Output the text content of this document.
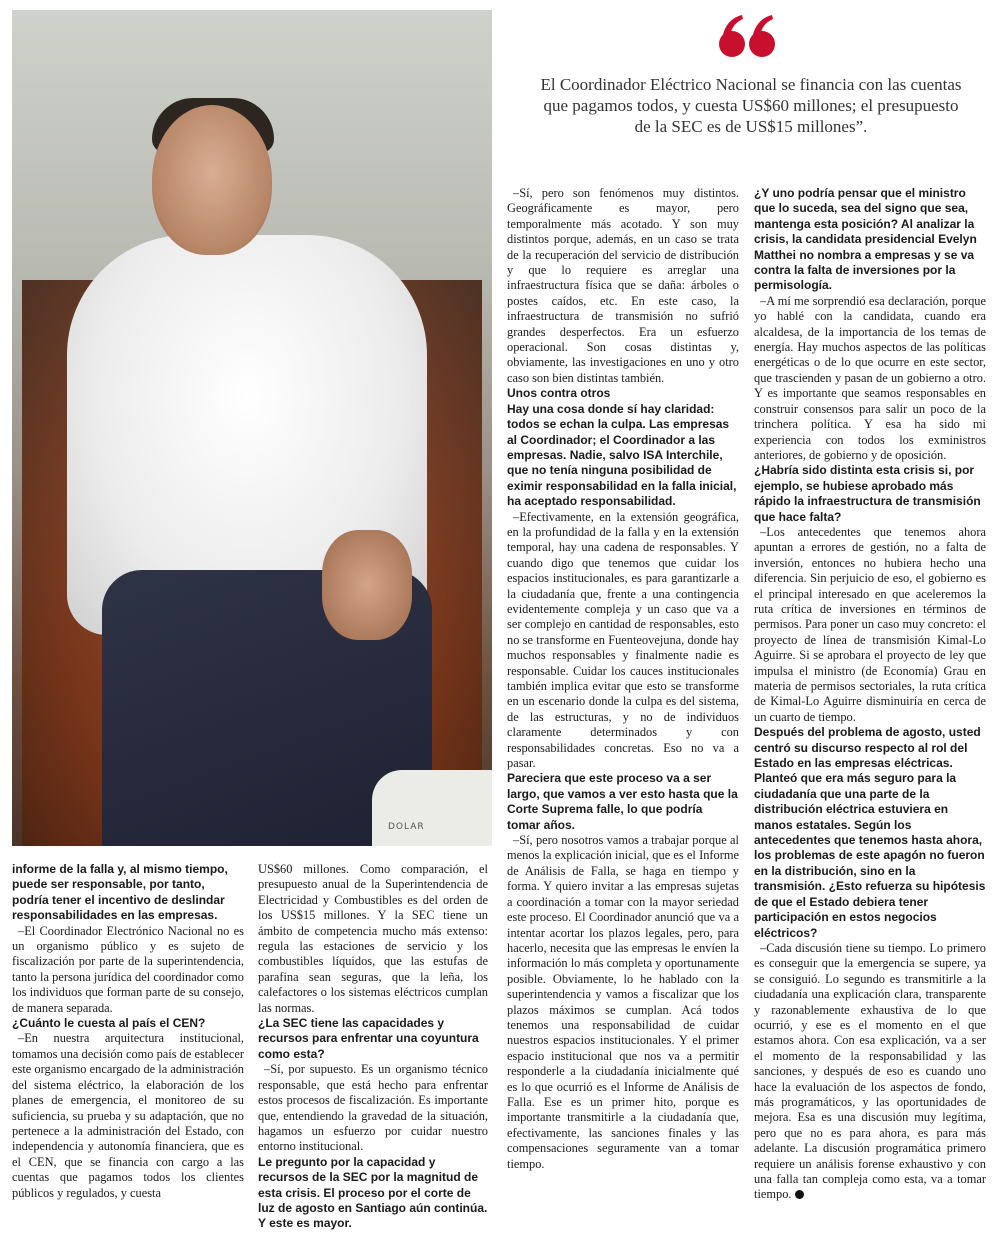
DOLAR
El Coordinador Eléctrico Nacional se financia con las cuentas que pagamos todos, y cuesta US$60 millones; el presupuesto de la SEC es de US$15 millones”.

informe de la falla y, al mismo tiempo, puede ser responsable, por tanto, podría tener el incentivo de deslindar responsabilidades en las empresas.

–El Coordinador Electrónico Nacional no es un organismo público y es sujeto de fiscalización por parte de la superintendencia, tanto la persona jurídica del coordinador como los individuos que forman parte de su consejo, de manera separada.

¿Cuánto le cuesta al país el CEN?

–En nuestra arquitectura institucional, tomamos una decisión como país de establecer este organismo encargado de la administración del sistema eléctrico, la elaboración de los planes de emergencia, el monitoreo de su suficiencia, su prueba y su adaptación, que no pertenece a la administración del Estado, con independencia y autonomía financiera, que es el CEN, que se financia con cargo a las cuentas que pagamos todos los clientes públicos y regulados, y cuesta

US$60 millones. Como comparación, el presupuesto anual de la Superintendencia de Electricidad y Combustibles es del orden de los US$15 millones. Y la SEC tiene un ámbito de competencia mucho más extenso: regula las estaciones de servicio y los combustibles líquidos, que las estufas de parafina sean seguras, que la leña, los calefactores o los sistemas eléctricos cumplan las normas.

¿La SEC tiene las capacidades y recursos para enfrentar una coyuntura como esta?

–Sí, por supuesto. Es un organismo técnico responsable, que está hecho para enfrentar estos procesos de fiscalización. Es importante que, entendiendo la gravedad de la situación, hagamos un esfuerzo por cuidar nuestro entorno institucional.

Le pregunto por la capacidad y recursos de la SEC por la magnitud de esta crisis. El proceso por el corte de luz de agosto en Santiago aún continúa. Y este es mayor.

–Sí, pero son fenómenos muy distintos. Geográficamente es mayor, pero temporalmente más acotado. Y son muy distintos porque, además, en un caso se trata de la recuperación del servicio de distribución y que lo requiere es arreglar una infraestructura física que se daña: árboles o postes caídos, etc. En este caso, la infraestructura de transmisión no sufrió grandes desperfectos. Era un esfuerzo operacional. Son cosas distintas y, obviamente, las investigaciones en uno y otro caso son bien distintas también.

Unos contra otros

Hay una cosa donde sí hay claridad: todos se echan la culpa. Las empresas al Coordinador; el Coordinador a las empresas. Nadie, salvo ISA Interchile, que no tenía ninguna posibilidad de eximir responsabilidad en la falla inicial, ha aceptado responsabilidad.

–Efectivamente, en la extensión geográfica, en la profundidad de la falla y en la extensión temporal, hay una cadena de responsables. Y cuando digo que tenemos que cuidar los espacios institucionales, es para garantizarle a la ciudadanía que, frente a una contingencia evidentemente compleja y un caso que va a ser complejo en cantidad de responsables, esto no se transforme en Fuenteovejuna, donde hay muchos responsables y finalmente nadie es responsable. Cuidar los cauces institucionales también implica evitar que esto se transforme en un escenario donde la culpa es del sistema, de las estructuras, y no de individuos claramente determinados y con responsabilidades concretas. Eso no va a pasar.

Pareciera que este proceso va a ser largo, que vamos a ver esto hasta que la Corte Suprema falle, lo que podría tomar años.

–Sí, pero nosotros vamos a trabajar porque al menos la explicación inicial, que es el Informe de Análisis de Falla, se haga en tiempo y forma. Y quiero invitar a las empresas sujetas a coordinación a tomar con la mayor seriedad este proceso. El Coordinador anunció que va a intentar acortar los plazos legales, pero, para hacerlo, necesita que las empresas le envíen la información lo más completa y oportunamente posible. Obviamente, lo he hablado con la superintendencia y vamos a fiscalizar que los plazos máximos se cumplan. Acá todos tenemos una responsabilidad de cuidar nuestros espacios institucionales. Y el primer espacio institucional que nos va a permitir responderle a la ciudadanía inicialmente qué es lo que ocurrió es el Informe de Análisis de Falla. Ese es un primer hito, porque es importante transmitirle a la ciudadanía que, efectivamente, las sanciones finales y las compensaciones seguramente van a tomar tiempo.

¿Y uno podría pensar que el ministro que lo suceda, sea del signo que sea, mantenga esta posición? Al analizar la crisis, la candidata presidencial Evelyn Matthei no nombra a empresas y se va contra la falta de inversiones por la permisología.

–A mí me sorprendió esa declaración, porque yo hablé con la candidata, cuando era alcaldesa, de la importancia de los temas de energía. Hay muchos aspectos de las políticas energéticas o de lo que ocurre en este sector, que trascienden y pasan de un gobierno a otro. Y es importante que seamos responsables en construir consensos para salir un poco de la trinchera política. Y esa ha sido mi experiencia con todos los exministros anteriores, de gobierno y de oposición.

¿Habría sido distinta esta crisis si, por ejemplo, se hubiese aprobado más rápido la infraestructura de transmisión que hace falta?

–Los antecedentes que tenemos ahora apuntan a errores de gestión, no a falta de inversión, entonces no hubiera hecho una diferencia. Sin perjuicio de eso, el gobierno es el principal interesado en que aceleremos la ruta crítica de inversiones en términos de permisos. Para poner un caso muy concreto: el proyecto de línea de transmisión Kimal-Lo Aguirre. Si se aprobara el proyecto de ley que impulsa el ministro (de Economía) Grau en materia de permisos sectoriales, la ruta crítica de Kimal-Lo Aguirre disminuiría en cerca de un cuarto de tiempo.

Después del problema de agosto, usted centró su discurso respecto al rol del Estado en las empresas eléctricas. Planteó que era más seguro para la ciudadanía que una parte de la distribución eléctrica estuviera en manos estatales. Según los antecedentes que tenemos hasta ahora, los problemas de este apagón no fueron en la distribución, sino en la transmisión. ¿Esto refuerza su hipótesis de que el Estado debiera tener participación en estos negocios eléctricos?

–Cada discusión tiene su tiempo. Lo primero es conseguir que la emergencia se supere, ya se consiguió. Lo segundo es transmitirle a la ciudadanía una explicación clara, transparente y razonablemente exhaustiva de lo que ocurrió, y ese es el momento en el que estamos ahora. Con esa explicación, va a ser el momento de la responsabilidad y las sanciones, y después de eso es cuando uno hace la evaluación de los aspectos de fondo, más programáticos, y las oportunidades de mejora. Esa es una discusión muy legítima, pero que no es para ahora, es para más adelante. La discusión programática primero requiere un análisis forense exhaustivo y con una falla tan compleja como esta, va a tomar tiempo.
